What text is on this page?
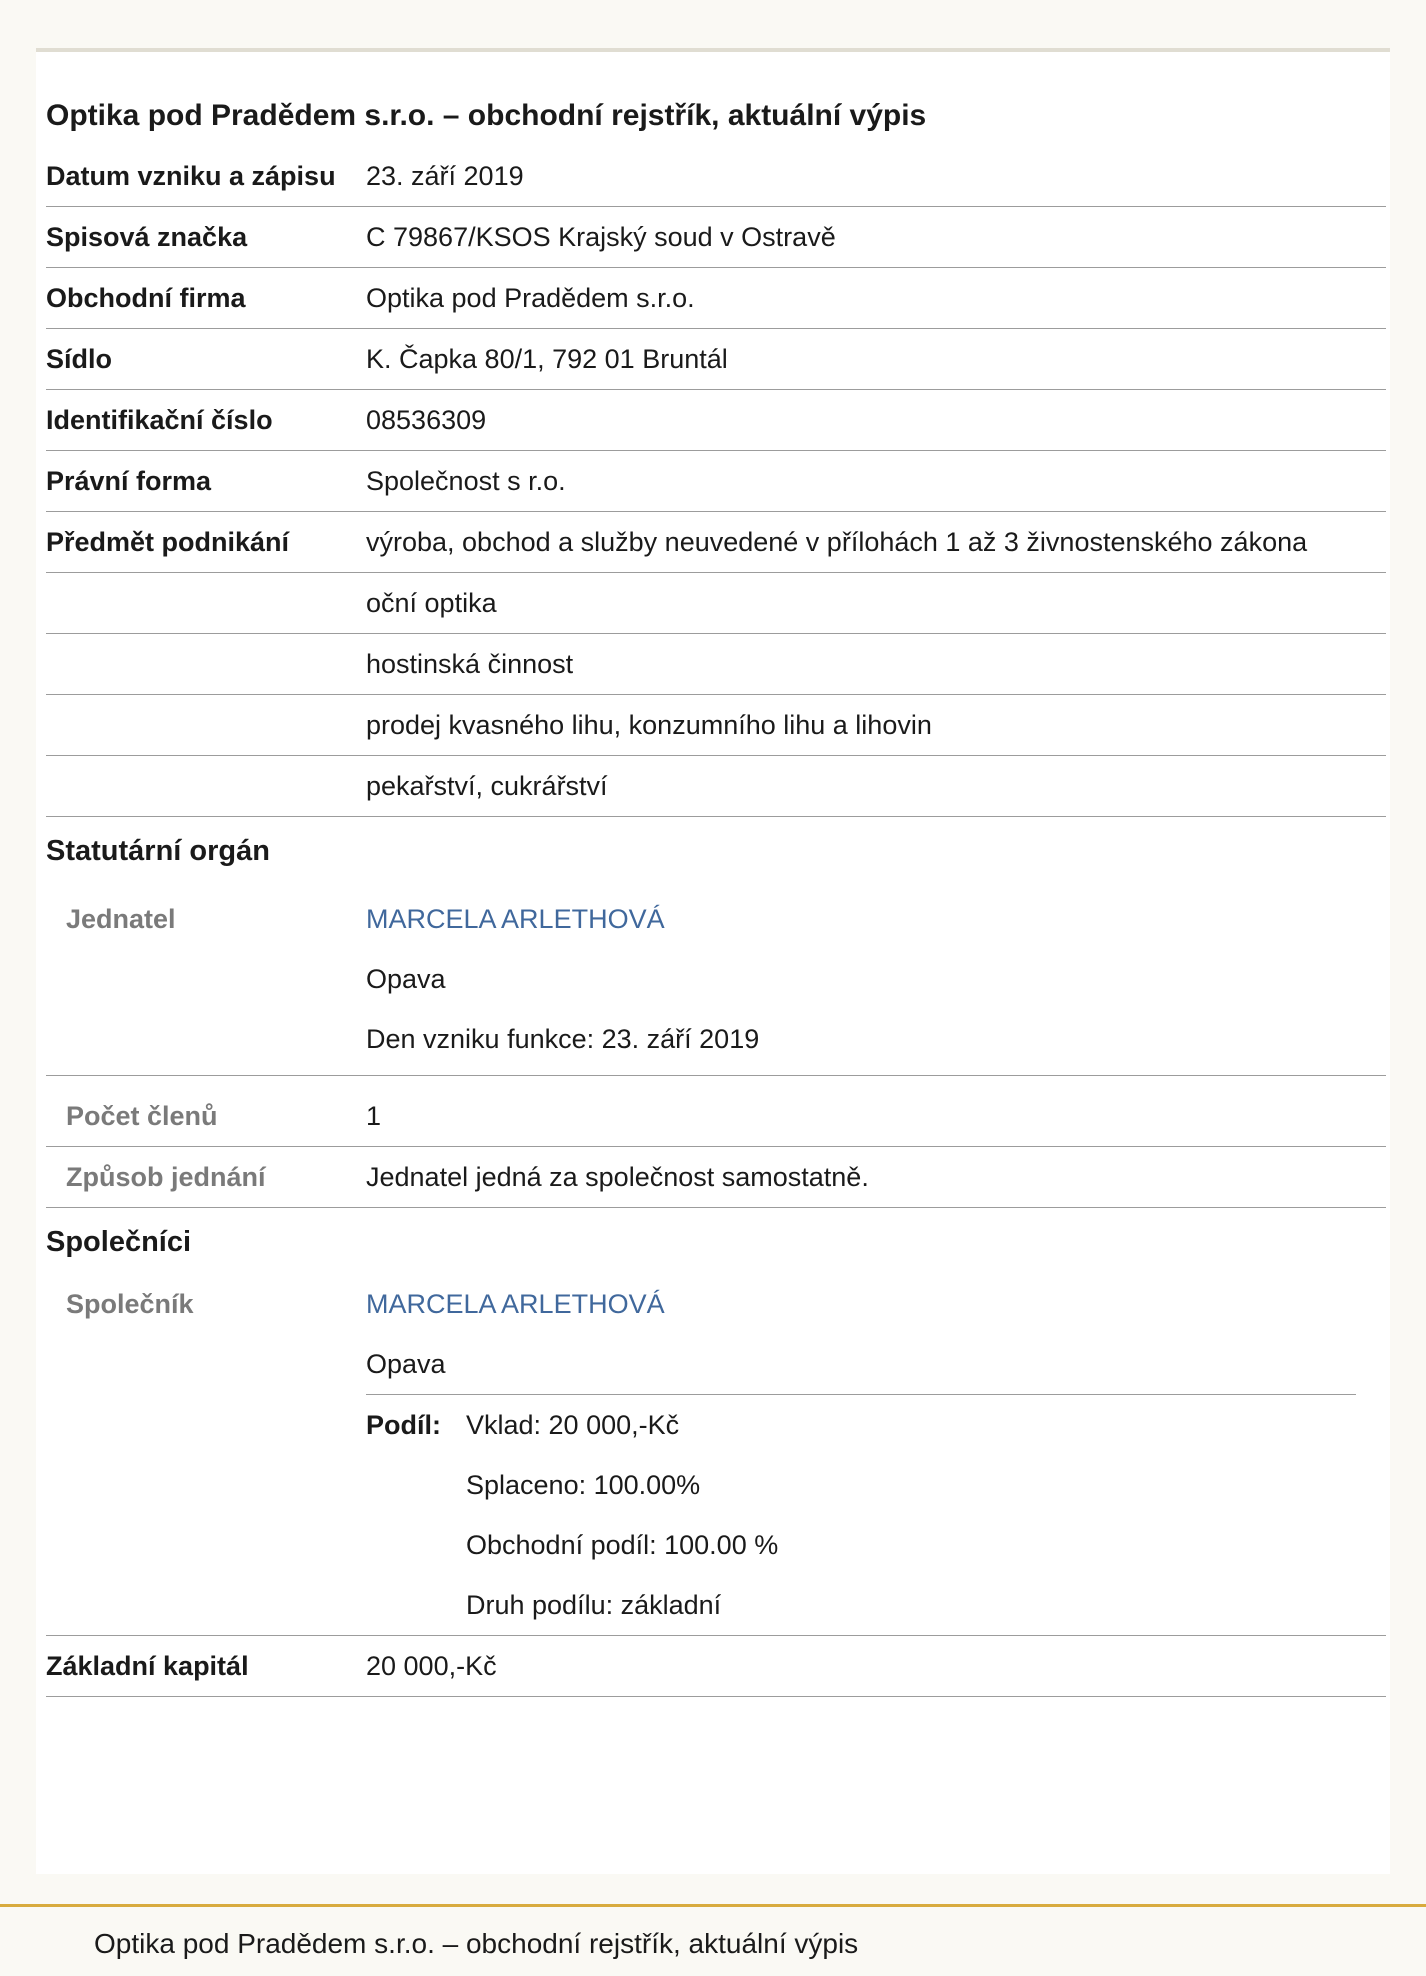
Optika pod Pradědem s.r.o. – obchodní rejstřík, aktuální výpis
Datum vzniku a zápisu	23. září 2019
Spisová značka	C 79867/KSOS Krajský soud v Ostravě
Obchodní firma	Optika pod Pradědem s.r.o.
Sídlo	K. Čapka 80/1, 792 01 Bruntál
Identifikační číslo	08536309
Právní forma	Společnost s r.o.
Předmět podnikání	výroba, obchod a služby neuvedené v přílohách 1 až 3 živnostenského zákona
oční optika
hostinská činnost
prodej kvasného lihu, konzumního lihu a lihovin
pekařství, cukrářství
Statutární orgán
Jednatel	MARCELA ARLETHOVÁ
Opava
Den vzniku funkce: 23. září 2019
Počet členů	1
Způsob jednání	Jednatel jedná za společnost samostatně.
Společníci
Společník	MARCELA ARLETHOVÁ
Opava
Podíl: Vklad: 20 000,-Kč
Splaceno: 100.00%
Obchodní podíl: 100.00 %
Druh podílu: základní
Základní kapitál	20 000,-Kč
Optika pod Pradědem s.r.o. – obchodní rejstřík, aktuální výpis
